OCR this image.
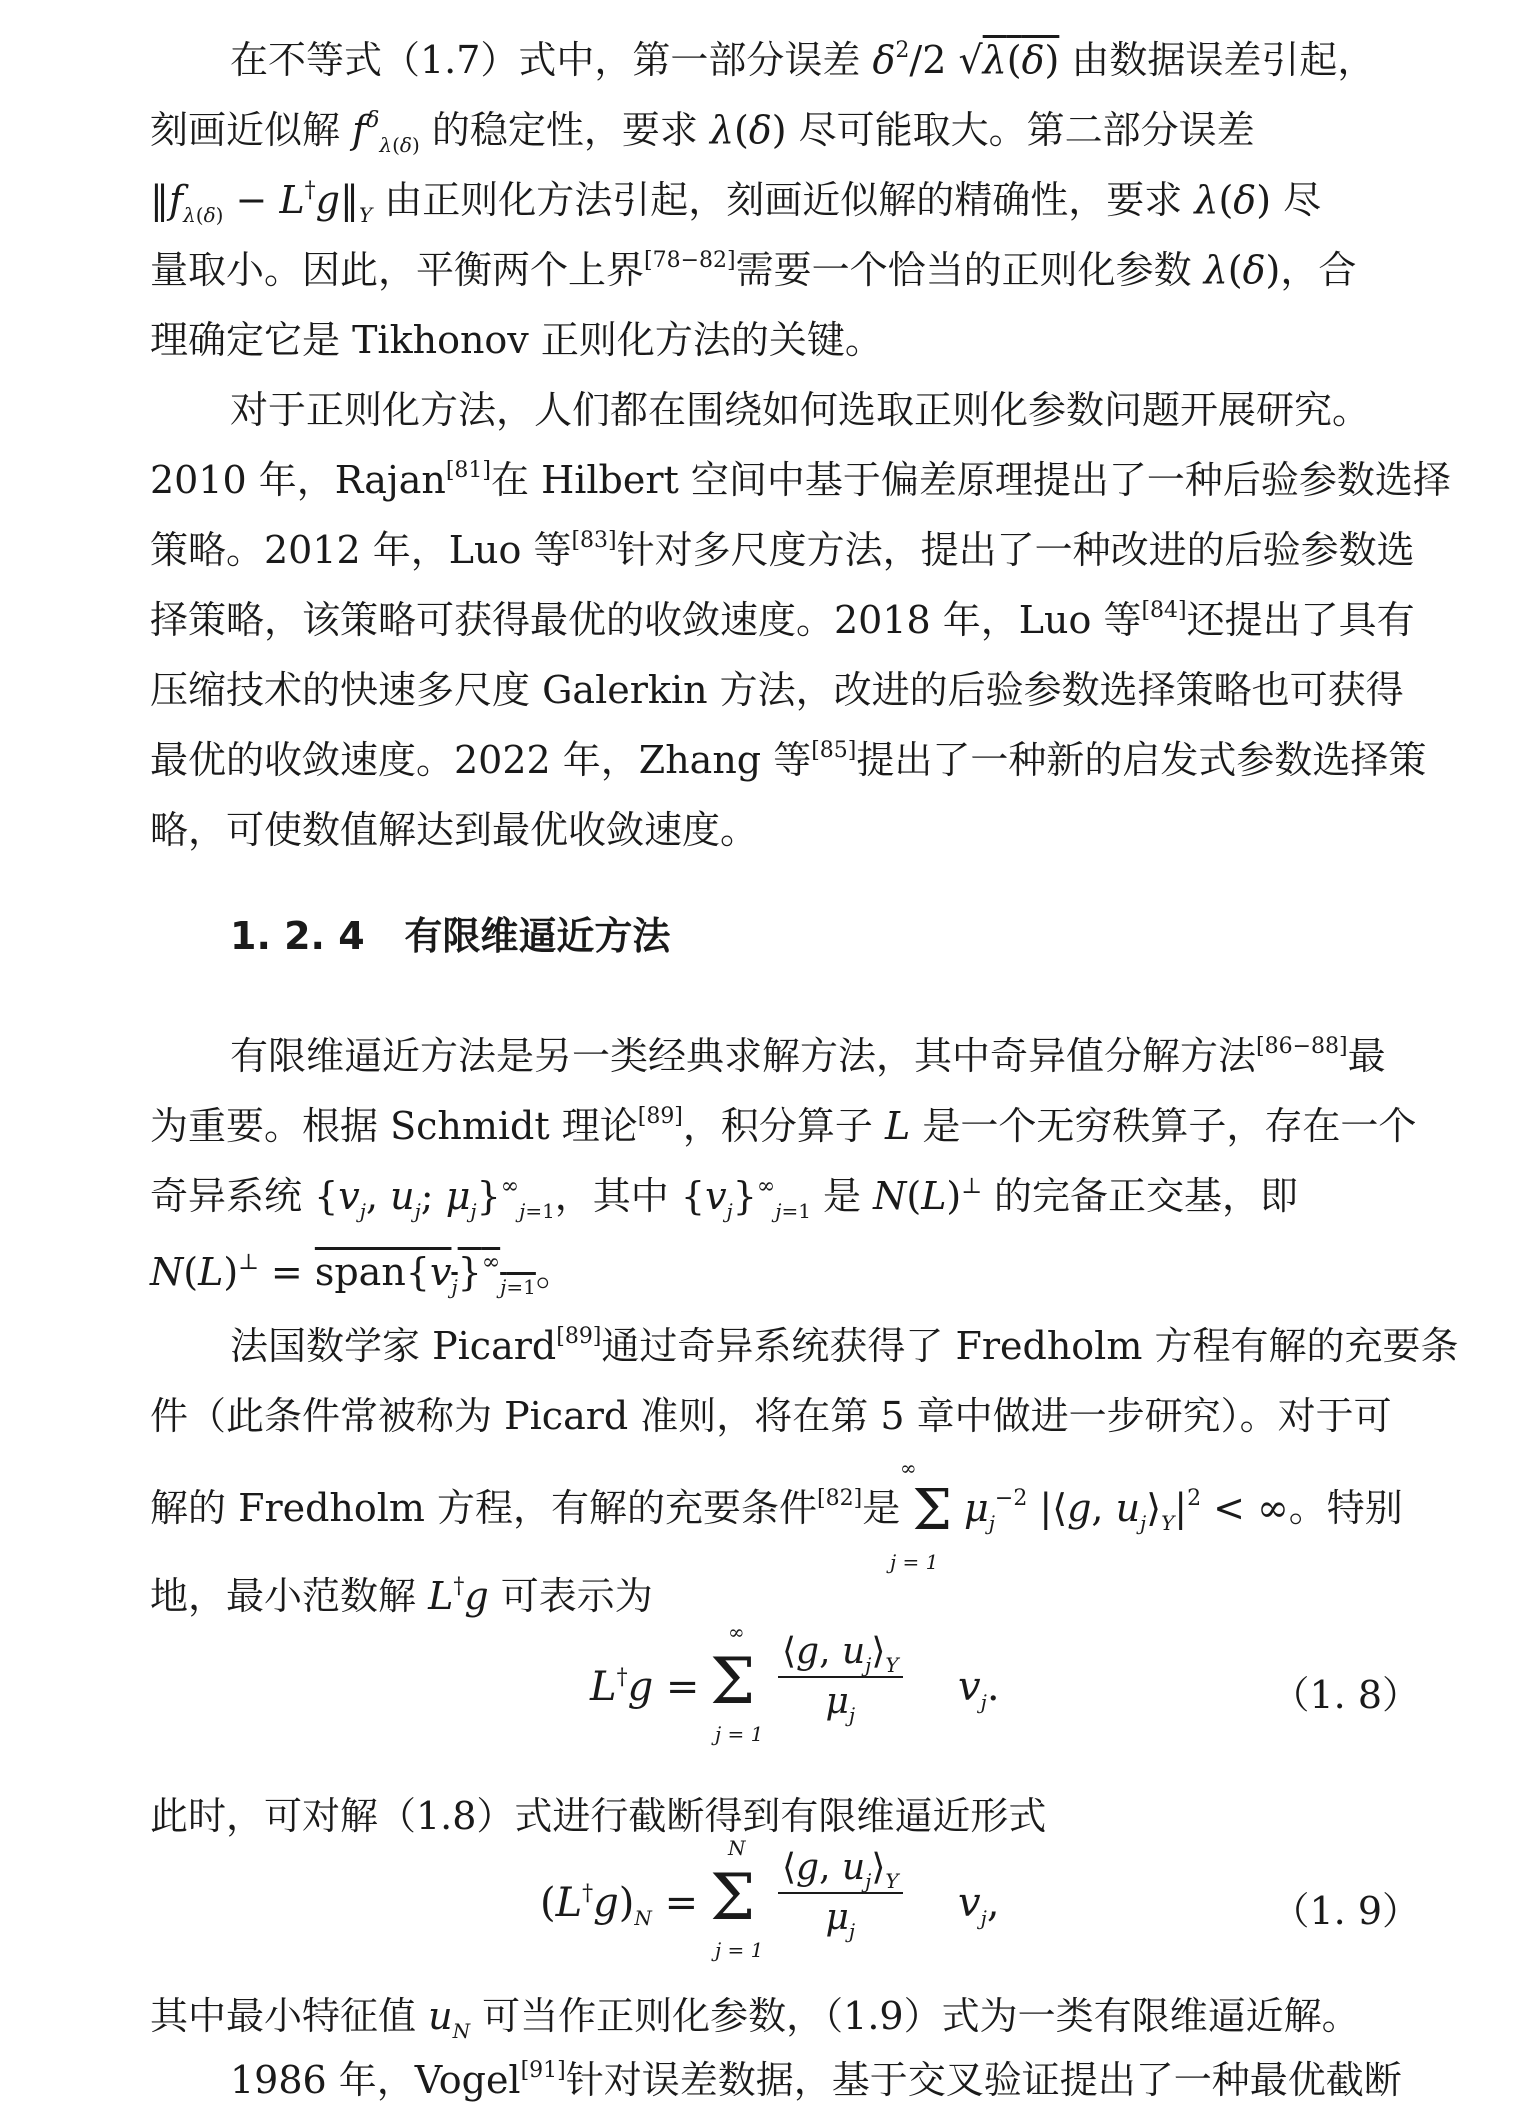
在不等式（1.7）式中，第一部分误差 $\delta^2/2$ √λ(δ) 由数据误差引起，
刻画近似解 $f^\delta_{\lambda(\delta)}$ 的稳定性，要求 λ(δ) 尽可能取大。第二部分误差
$‖f_{\lambda(\delta)}$ − $L^\dagger g‖_Y$ 由正则化方法引起，刻画近似解的精确性，要求 λ(δ) 尽
量取小。因此，平衡两个上界[78−82]需要一个恰当的正则化参数 λ(δ)，合
理确定它是 Tikhonov 正则化方法的关键。
对于正则化方法，人们都在围绕如何选取正则化参数问题开展研究。
2010 年，Rajan[81]在 Hilbert 空间中基于偏差原理提出了一种后验参数选择
策略。2012 年，Luo 等[83]针对多尺度方法，提出了一种改进的后验参数选
择策略，该策略可获得最优的收敛速度。2018 年，Luo 等[84]还提出了具有
压缩技术的快速多尺度 Galerkin 方法，改进的后验参数选择策略也可获得
最优的收敛速度。2022 年，Zhang 等[85]提出了一种新的启发式参数选择策
略，可使数值解达到最优收敛速度。
1. 2. 4 有限维逼近方法
有限维逼近方法是另一类经典求解方法，其中奇异值分解方法[86−88]最
为重要。根据 Schmidt 理论[89]，积分算子 L 是一个无穷秩算子，存在一个
奇异系统 {$v_j$, $u_j$; $\mu_j\}^\infty_{j=1}$，其中 $\{v_j\}^\infty_{j=1}$ 是 N(L)⊥ 的完备正交基，即
$N(L)^\perp = span\{v_j\}^\infty_{j=1}$。
法国数学家 Picard[89]通过奇异系统获得了 Fredholm 方程有解的充要条
件（此条件常被称为 Picard 准则，将在第 5 章中做进一步研究）。对于可
解的 Fredholm 方程，有解的充要条件[82]是 Σ $\mu_j^{-2}$ |⟨g, $u_j⟩_Y|^2$ < ∞。特别
∞
j = 1
地，最小范数解 L†g 可表示为
L†g =
∞
Σ
j = 1
$\frac{⟨g, u_j⟩_Y}{\mu_j} v_j$.	（1. 8）
此时，可对解（1.8）式进行截断得到有限维逼近形式
$(L^\dagger g)_N$ =
N
Σ
j = 1
$\frac{⟨g, u_j⟩_Y}{\mu_j} v_j$,	（1. 9）
其中最小特征值 $u_N$ 可当作正则化参数，（1.9）式为一类有限维逼近解。
1986 年，Vogel[91]针对误差数据，基于交叉验证提出了一种最优截断
